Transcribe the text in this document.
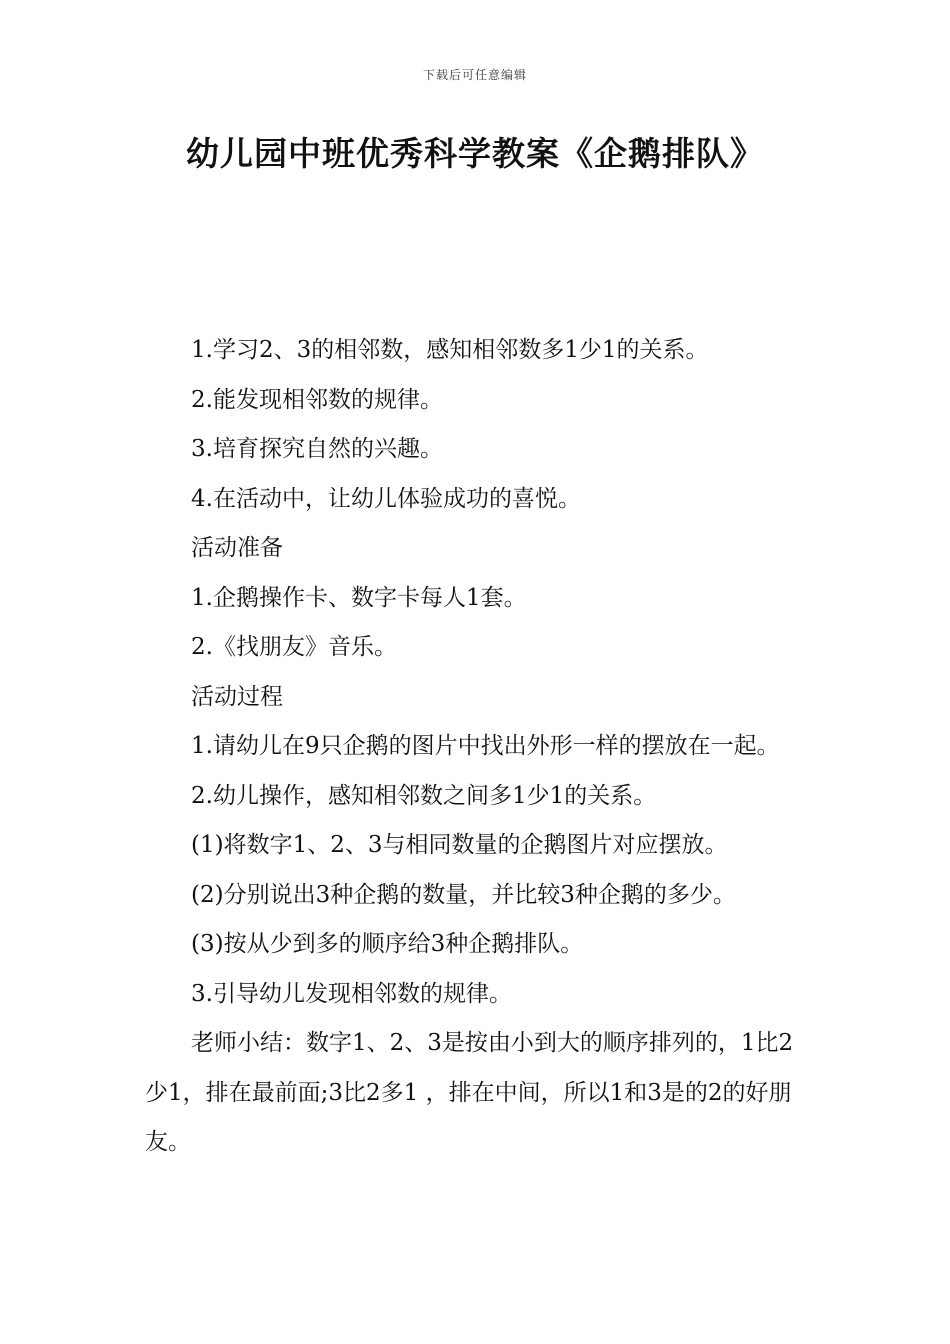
下载后可任意编辑
幼儿园中班优秀科学教案《企鹅排队》

1.学习2、3的相邻数，感知相邻数多1少1的关系。

2.能发现相邻数的规律。

3.培育探究自然的兴趣。

4.在活动中，让幼儿体验成功的喜悦。

活动准备

1.企鹅操作卡、数字卡每人1套。

2.《找朋友》音乐。

活动过程

1.请幼儿在9只企鹅的图片中找出外形一样的摆放在一起。

2.幼儿操作，感知相邻数之间多1少1的关系。

(1)将数字1、2、3与相同数量的企鹅图片对应摆放。

(2)分别说出3种企鹅的数量，并比较3种企鹅的多少。

(3)按从少到多的顺序给3种企鹅排队。

3.引导幼儿发现相邻数的规律。

老师小结：数字1、2、3是按由小到大的顺序排列的，1比2少1，排在最前面;3比2多1 ，排在中间，所以1和3是的2的好朋友。
